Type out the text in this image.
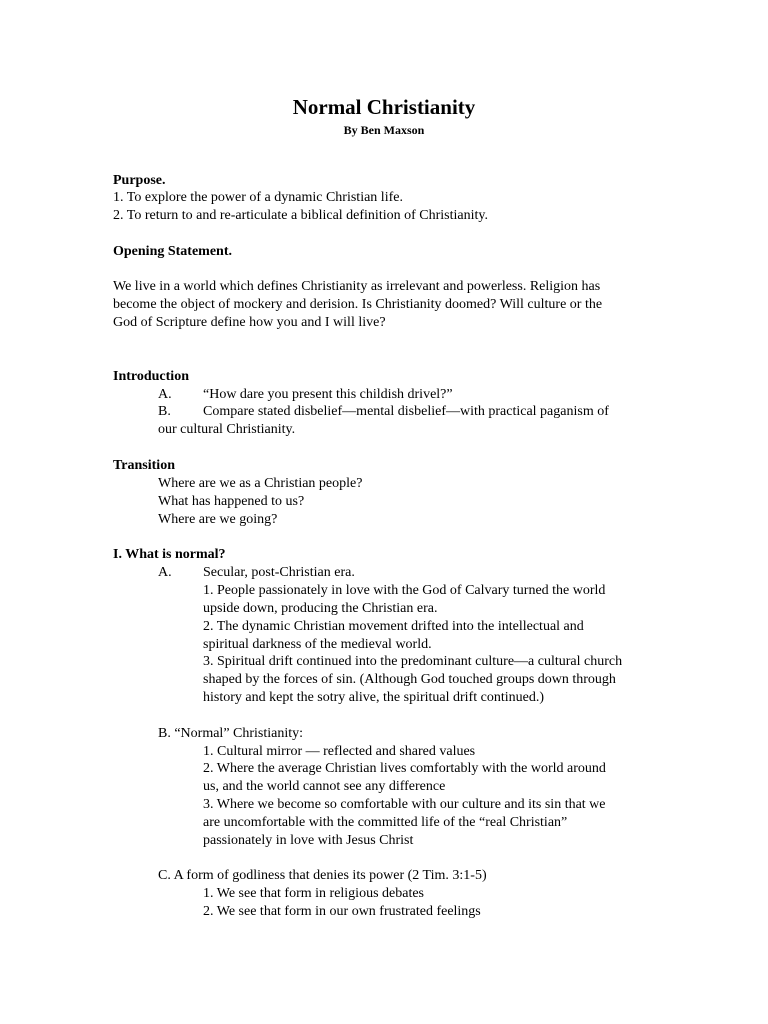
Normal Christianity
By Ben Maxson
Purpose.
1. To explore the power of a dynamic Christian life.
2. To return to and re-articulate a biblical definition of Christianity.
Opening Statement.
We live in a world which defines Christianity as irrelevant and powerless. Religion has
become the object of mockery and derision. Is Christianity doomed? Will culture or the
God of Scripture define how you and I will live?
Introduction
A. “How dare you present this childish drivel?”
B. Compare stated disbelief—mental disbelief—with practical paganism of
our cultural Christianity.
Transition
Where are we as a Christian people?
What has happened to us?
Where are we going?
I. What is normal?
A. Secular, post-Christian era.
1. People passionately in love with the God of Calvary turned the world
upside down, producing the Christian era.
2. The dynamic Christian movement drifted into the intellectual and
spiritual darkness of the medieval world.
3. Spiritual drift continued into the predominant culture—a cultural church
shaped by the forces of sin. (Although God touched groups down through
history and kept the sotry alive, the spiritual drift continued.)
B. “Normal” Christianity:
1. Cultural mirror — reflected and shared values
2. Where the average Christian lives comfortably with the world around
us, and the world cannot see any difference
3. Where we become so comfortable with our culture and its sin that we
are uncomfortable with the committed life of the “real Christian”
passionately in love with Jesus Christ
C. A form of godliness that denies its power (2 Tim. 3:1-5)
1. We see that form in religious debates
2. We see that form in our own frustrated feelings
